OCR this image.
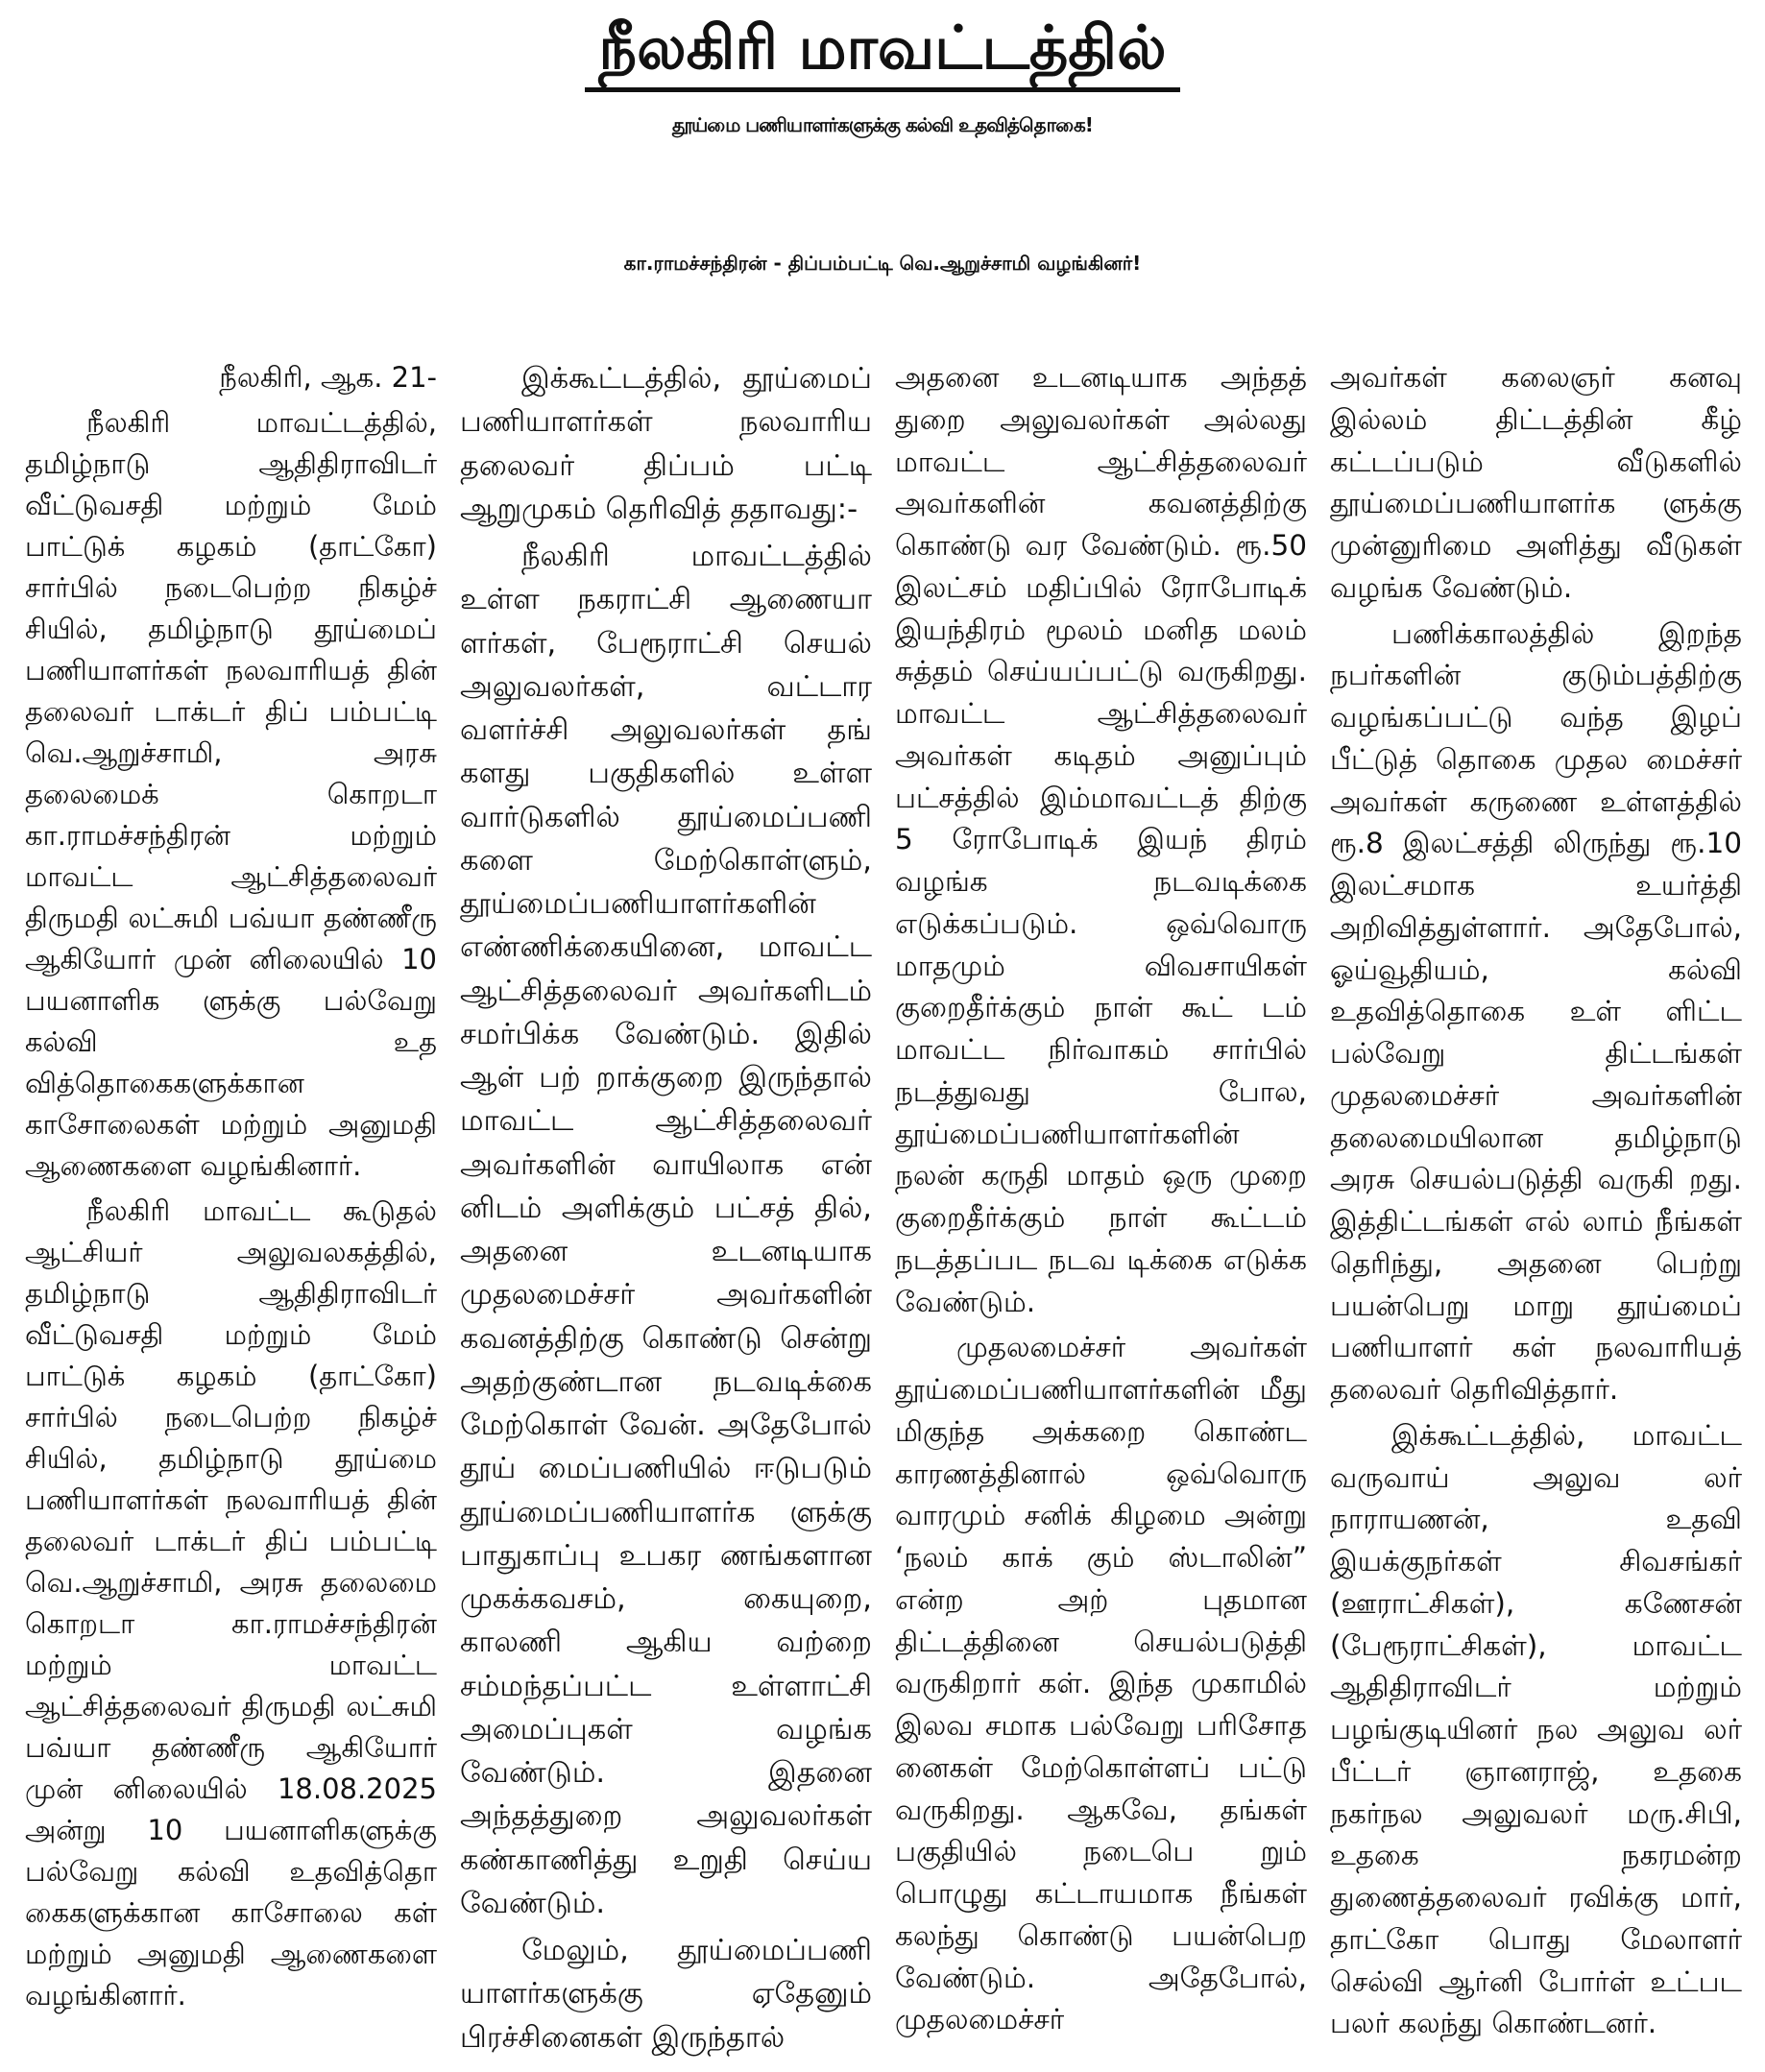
நீலகிரி மாவட்டத்தில்
தூய்மை பணியாளர்களுக்கு கல்வி உதவித்தொகை!
கா.ராமச்சந்திரன் - திப்பம்பட்டி வெ.ஆறுச்சாமி வழங்கினர்!

நீலகிரி, ஆக. 21-

நீலகிரி மாவட்டத்தில், தமிழ்நாடு ஆதிதிராவிடர் வீட்டுவசதி மற்றும் மேம் பாட்டுக் கழகம் (தாட்கோ) சார்பில் நடைபெற்ற நிகழ்ச் சியில், தமிழ்நாடு தூய்மைப் பணியாளர்கள் நலவாரியத் தின் தலைவர் டாக்டர் திப் பம்பட்டி வெ.ஆறுச்சாமி, அரசு தலைமைக் கொறடா கா.ராமச்சந்திரன் மற்றும் மாவட்ட ஆட்சித்தலைவர் திருமதி லட்சுமி பவ்யா தண்ணீரு ஆகியோர் முன் னிலையில் 10 பயனாளிக ளுக்கு பல்வேறு கல்வி உத வித்தொகைகளுக்கான காசோலைகள் மற்றும் அனுமதி ஆணைகளை வழங்கினார்.

நீலகிரி மாவட்ட கூடுதல் ஆட்சியர் அலுவலகத்தில், தமிழ்நாடு ஆதிதிராவிடர் வீட்டுவசதி மற்றும் மேம் பாட்டுக் கழகம் (தாட்கோ) சார்பில் நடைபெற்ற நிகழ்ச் சியில், தமிழ்நாடு தூய்மை பணியாளர்கள் நலவாரியத் தின் தலைவர் டாக்டர் திப் பம்பட்டி வெ.ஆறுச்சாமி, அரசு தலைமை கொறடா கா.ராமச்சந்திரன் மற்றும் மாவட்ட ஆட்சித்தலைவர் திருமதி லட்சுமி பவ்யா தண்ணீரு ஆகியோர் முன் னிலையில் 18.08.2025 அன்று 10 பயனாளிகளுக்கு பல்வேறு கல்வி உதவித்தொ கைகளுக்கான காசோலை கள் மற்றும் அனுமதி ஆணைகளை வழங்கினார்.

இக்கூட்டத்தில், தூய்மைப் பணியாளர்கள் நலவாரிய தலைவர் திப்பம் பட்டி ஆறுமுகம் தெரிவித் ததாவது:-

நீலகிரி மாவட்டத்தில் உள்ள நகராட்சி ஆணையா ளர்கள், பேரூராட்சி செயல் அலுவலர்கள், வட்டார வளர்ச்சி அலுவலர்கள் தங் களது பகுதிகளில் உள்ள வார்டுகளில் தூய்மைப்பணி களை மேற்கொள்ளும், தூய்மைப்பணியாளர்களின் எண்ணிக்கையினை, மாவட்ட ஆட்சித்தலைவர் அவர்களிடம் சமர்பிக்க வேண்டும். இதில் ஆள் பற் றாக்குறை இருந்தால் மாவட்ட ஆட்சித்தலைவர் அவர்களின் வாயிலாக என் னிடம் அளிக்கும் பட்சத் தில், அதனை உடனடியாக முதலமைச்சர் அவர்களின் கவனத்திற்கு கொண்டு சென்று அதற்குண்டான நடவடிக்கை மேற்கொள் வேன். அதேபோல் தூய் மைப்பணியில் ஈடுபடும் தூய்மைப்பணியாளர்க ளுக்கு பாதுகாப்பு உபகர ணங்களான முகக்கவசம், கையுறை, காலணி ஆகிய வற்றை சம்மந்தப்பட்ட உள்ளாட்சி அமைப்புகள் வழங்க வேண்டும். இதனை அந்தத்துறை அலுவலர்கள் கண்காணித்து உறுதி செய்ய வேண்டும்.

மேலும், தூய்மைப்பணி யாளர்களுக்கு ஏதேனும் பிரச்சினைகள் இருந்தால்

அதனை உடனடியாக அந்தத் துறை அலுவலர்கள் அல்லது மாவட்ட ஆட்சித்தலைவர் அவர்களின் கவனத்திற்கு கொண்டு வர வேண்டும். ரூ.50 இலட்சம் மதிப்பில் ரோபோடிக் இயந்திரம் மூலம் மனித மலம் சுத்தம் செய்யப்பட்டு வருகிறது. மாவட்ட ஆட்சித்தலைவர் அவர்கள் கடிதம் அனுப்பும் பட்சத்தில் இம்மாவட்டத் திற்கு 5 ரோபோடிக் இயந் திரம் வழங்க நடவடிக்கை எடுக்கப்படும். ஒவ்வொரு மாதமும் விவசாயிகள் குறைதீர்க்கும் நாள் கூட் டம் மாவட்ட நிர்வாகம் சார்பில் நடத்துவது போல, தூய்மைப்பணியாளர்களின் நலன் கருதி மாதம் ஒரு முறை குறைதீர்க்கும் நாள் கூட்டம் நடத்தப்பட நடவ டிக்கை எடுக்க வேண்டும்.

முதலமைச்சர் அவர்கள் தூய்மைப்பணியாளர்களின் மீது மிகுந்த அக்கறை கொண்ட காரணத்தினால் ஒவ்வொரு வாரமும் சனிக் கிழமை அன்று ‘நலம் காக் கும் ஸ்டாலின்” என்ற அற் புதமான திட்டத்தினை செயல்படுத்தி வருகிறார் கள். இந்த முகாமில் இலவ சமாக பல்வேறு பரிசோத னைகள் மேற்கொள்ளப் பட்டு வருகிறது. ஆகவே, தங்கள் பகுதியில் நடைபெ றும் பொழுது கட்டாயமாக நீங்கள் கலந்து கொண்டு பயன்பெற வேண்டும். அதேபோல், முதலமைச்சர்

அவர்கள் கலைஞர் கனவு இல்லம் திட்டத்தின் கீழ் கட்டப்படும் வீடுகளில் தூய்மைப்பணியாளர்க ளுக்கு முன்னுரிமை அளித்து வீடுகள் வழங்க வேண்டும்.

பணிக்காலத்தில் இறந்த நபர்களின் குடும்பத்திற்கு வழங்கப்பட்டு வந்த இழப் பீட்டுத் தொகை முதல மைச்சர் அவர்கள் கருணை உள்ளத்தில் ரூ.8 இலட்சத்தி லிருந்து ரூ.10 இலட்சமாக உயர்த்தி அறிவித்துள்ளார். அதேபோல், ஓய்வூதியம், கல்வி உதவித்தொகை உள் ளிட்ட பல்வேறு திட்டங்கள் முதலமைச்சர் அவர்களின் தலைமையிலான தமிழ்நாடு அரசு செயல்படுத்தி வருகி றது. இத்திட்டங்கள் எல் லாம் நீங்கள் தெரிந்து, அதனை பெற்று பயன்பெறு மாறு தூய்மைப் பணியாளர் கள் நலவாரியத் தலைவர் தெரிவித்தார்.

இக்கூட்டத்தில், மாவட்ட வருவாய் அலுவ லர் நாராயணன், உதவி இயக்குநர்கள் சிவசங்கர் (ஊராட்சிகள்), கணேசன் (பேரூராட்சிகள்), மாவட்ட ஆதிதிராவிடர் மற்றும் பழங்குடியினர் நல அலுவ லர் பீட்டர் ஞானராஜ், உதகை நகர்நல அலுவலர் மரு.சிபி, உதகை நகரமன்ற துணைத்தலைவர் ரவிக்கு மார், தாட்கோ பொது மேலாளர் செல்வி ஆர்னி போர்ள் உட்பட பலர் கலந்து கொண்டனர்.
